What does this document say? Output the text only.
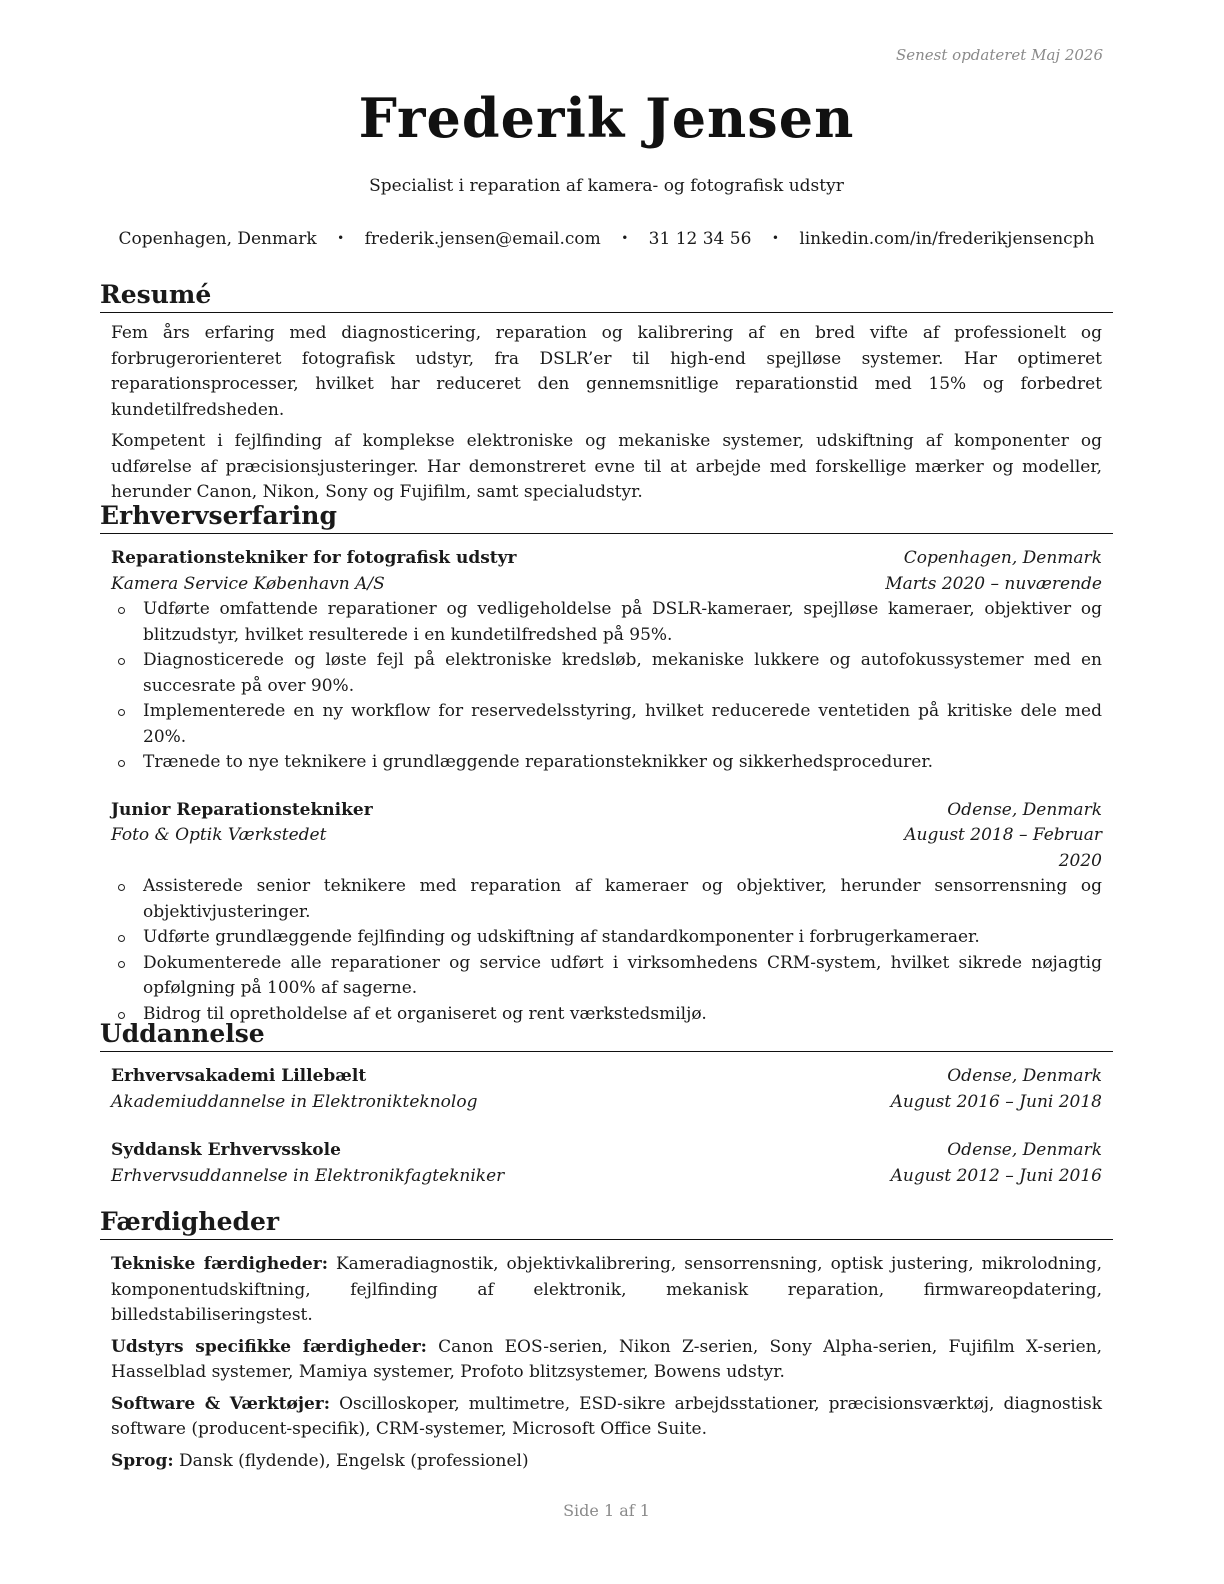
Senest opdateret Maj 2026
Frederik Jensen
Specialist i reparation af kamera- og fotografisk udstyr
Copenhagen, Denmark • frederik.jensen@email.com • 31 12 34 56 • linkedin.com/in/frederikjensencph
Resumé
Fem års erfaring med diagnosticering, reparation og kalibrering af en bred vifte af professionelt og forbrugerorienteret fotografisk udstyr, fra DSLR’er til high-end spejlløse systemer. Har optimeret reparationsprocesser, hvilket har reduceret den gennemsnitlige reparationstid med 15% og forbedret kundetilfredsheden.
Kompetent i fejlfinding af komplekse elektroniske og mekaniske systemer, udskiftning af komponenter og udførelse af præcisionsjusteringer. Har demonstreret evne til at arbejde med forskellige mærker og modeller, herunder Canon, Nikon, Sony og Fujifilm, samt specialudstyr.
Erhvervserfaring
Reparationstekniker for fotografisk udstyr	Copenhagen, Denmark
Kamera Service København A/S	Marts 2020 – nuværende
Udførte omfattende reparationer og vedligeholdelse på DSLR-kameraer, spejlløse kameraer, objektiver og blitzudstyr, hvilket resulterede i en kundetilfredshed på 95%.
Diagnosticerede og løste fejl på elektroniske kredsløb, mekaniske lukkere og autofokussystemer med en succesrate på over 90%.
Implementerede en ny workflow for reservedelsstyring, hvilket reducerede ventetiden på kritiske dele med 20%.
Trænede to nye teknikere i grundlæggende reparationsteknikker og sikkerhedsprocedurer.
Junior Reparationstekniker	Odense, Denmark
Foto & Optik Værkstedet	August 2018 – Februar 2020
Assisterede senior teknikere med reparation af kameraer og objektiver, herunder sensorrensning og objektivjusteringer.
Udførte grundlæggende fejlfinding og udskiftning af standardkomponenter i forbrugerkameraer.
Dokumenterede alle reparationer og service udført i virksomhedens CRM-system, hvilket sikrede nøjagtig opfølgning på 100% af sagerne.
Bidrog til opretholdelse af et organiseret og rent værkstedsmiljø.
Uddannelse
Erhvervsakademi Lillebælt	Odense, Denmark
Akademiuddannelse in Elektronikteknolog	August 2016 – Juni 2018
Syddansk Erhvervsskole	Odense, Denmark
Erhvervsuddannelse in Elektronikfagtekniker	August 2012 – Juni 2016
Færdigheder
Tekniske færdigheder: Kameradiagnostik, objektivkalibrering, sensorrensning, optisk justering, mikrolodning, komponentudskiftning, fejlfinding af elektronik, mekanisk reparation, firmwareopdatering, billedstabiliseringstest.
Udstyrs specifikke færdigheder: Canon EOS-serien, Nikon Z-serien, Sony Alpha-serien, Fujifilm X-serien, Hasselblad systemer, Mamiya systemer, Profoto blitzsystemer, Bowens udstyr.
Software & Værktøjer: Oscilloskoper, multimetre, ESD-sikre arbejdsstationer, præcisionsværktøj, diagnostisk software (producent-specifik), CRM-systemer, Microsoft Office Suite.
Sprog: Dansk (flydende), Engelsk (professionel)
Side 1 af 1
